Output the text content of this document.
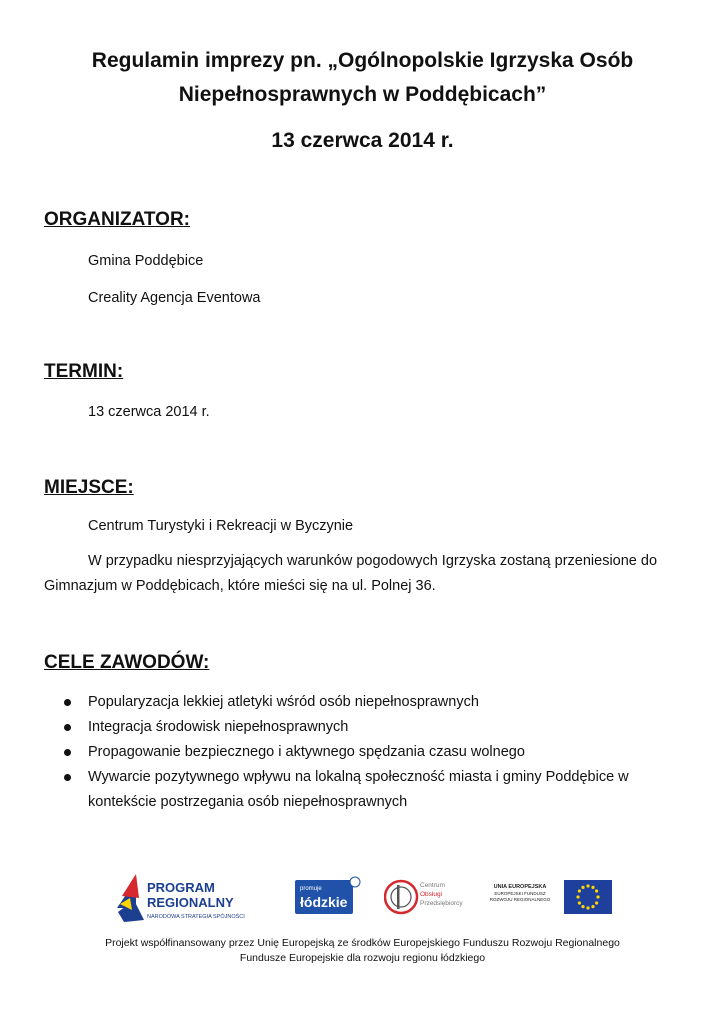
Regulamin imprezy pn. „Ogólnopolskie Igrzyska Osób
Niepełnosprawnych w Poddębicach”
13 czerwca 2014 r.
ORGANIZATOR:

Gmina Poddębice

Creality Agencja Eventowa

TERMIN:

13 czerwca 2014 r.

MIEJSCE:

Centrum Turystyki i Rekreacji w Byczynie

W przypadku niesprzyjających warunków pogodowych Igrzyska zostaną przeniesione do Gimnazjum w Poddębicach, które mieści się na ul. Polnej 36.

CELE ZAWODÓW:
Popularyzacja lekkiej atletyki wśród osób niepełnosprawnych
Integracja środowisk niepełnosprawnych
Propagowanie bezpiecznego i aktywnego spędzania czasu wolnego
Wywarcie pozytywnego wpływu na lokalną społeczność miasta i gminy Poddębice w kontekście postrzegania osób niepełnosprawnych
PROGRAM
REGIONALNY
NARODOWA STRATEGIA SPÓJNOŚCI
promuje
łódzkie
Centrum
Obsługi
Przedsiębiorcy
UNIA EUROPEJSKA
EUROPEJSKI FUNDUSZ
ROZWOJU REGIONALNEGO
Projekt współfinansowany przez Unię Europejską ze środków Europejskiego Funduszu Rozwoju Regionalnego
Fundusze Europejskie dla rozwoju regionu łódzkiego
